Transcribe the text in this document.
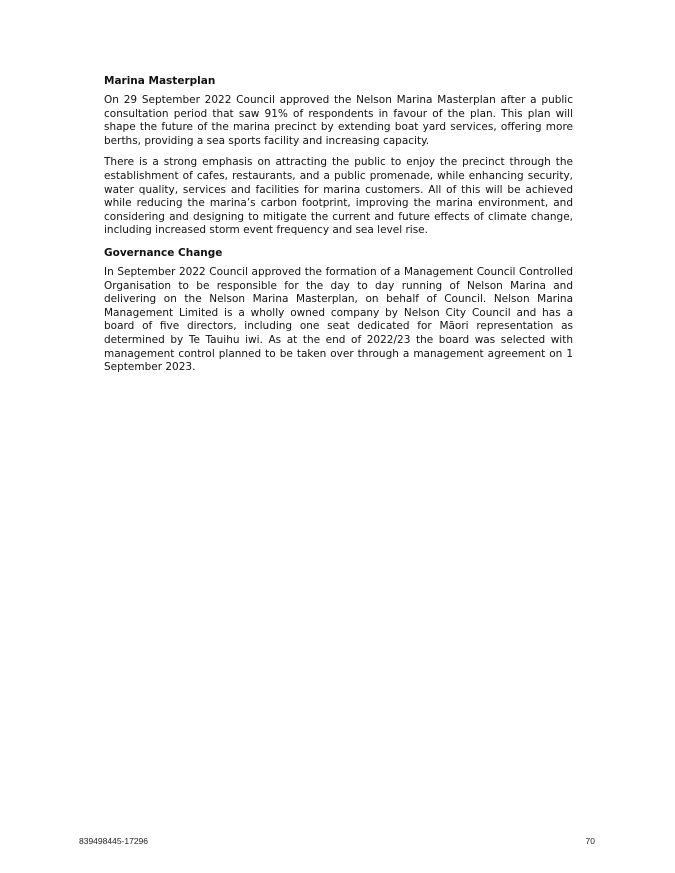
Marina Masterplan

On 29 September 2022 Council approved the Nelson Marina Masterplan after a public consultation period that saw 91% of respondents in favour of the plan. This plan will shape the future of the marina precinct by extending boat yard services, offering more berths, providing a sea sports facility and increasing capacity.

There is a strong emphasis on attracting the public to enjoy the precinct through the establishment of cafes, restaurants, and a public promenade, while enhancing security, water quality, services and facilities for marina customers. All of this will be achieved while reducing the marina’s carbon footprint, improving the marina environment, and considering and designing to mitigate the current and future effects of climate change, including increased storm event frequency and sea level rise.

Governance Change

In September 2022 Council approved the formation of a Management Council Controlled Organisation to be responsible for the day to day running of Nelson Marina and delivering on the Nelson Marina Masterplan, on behalf of Council. Nelson Marina Management Limited is a wholly owned company by Nelson City Council and has a board of five directors, including one seat dedicated for Māori representation as determined by Te Tauihu iwi. As at the end of 2022/23 the board was selected with management control planned to be taken over through a management agreement on 1 September 2023.

839498445-17296	70
